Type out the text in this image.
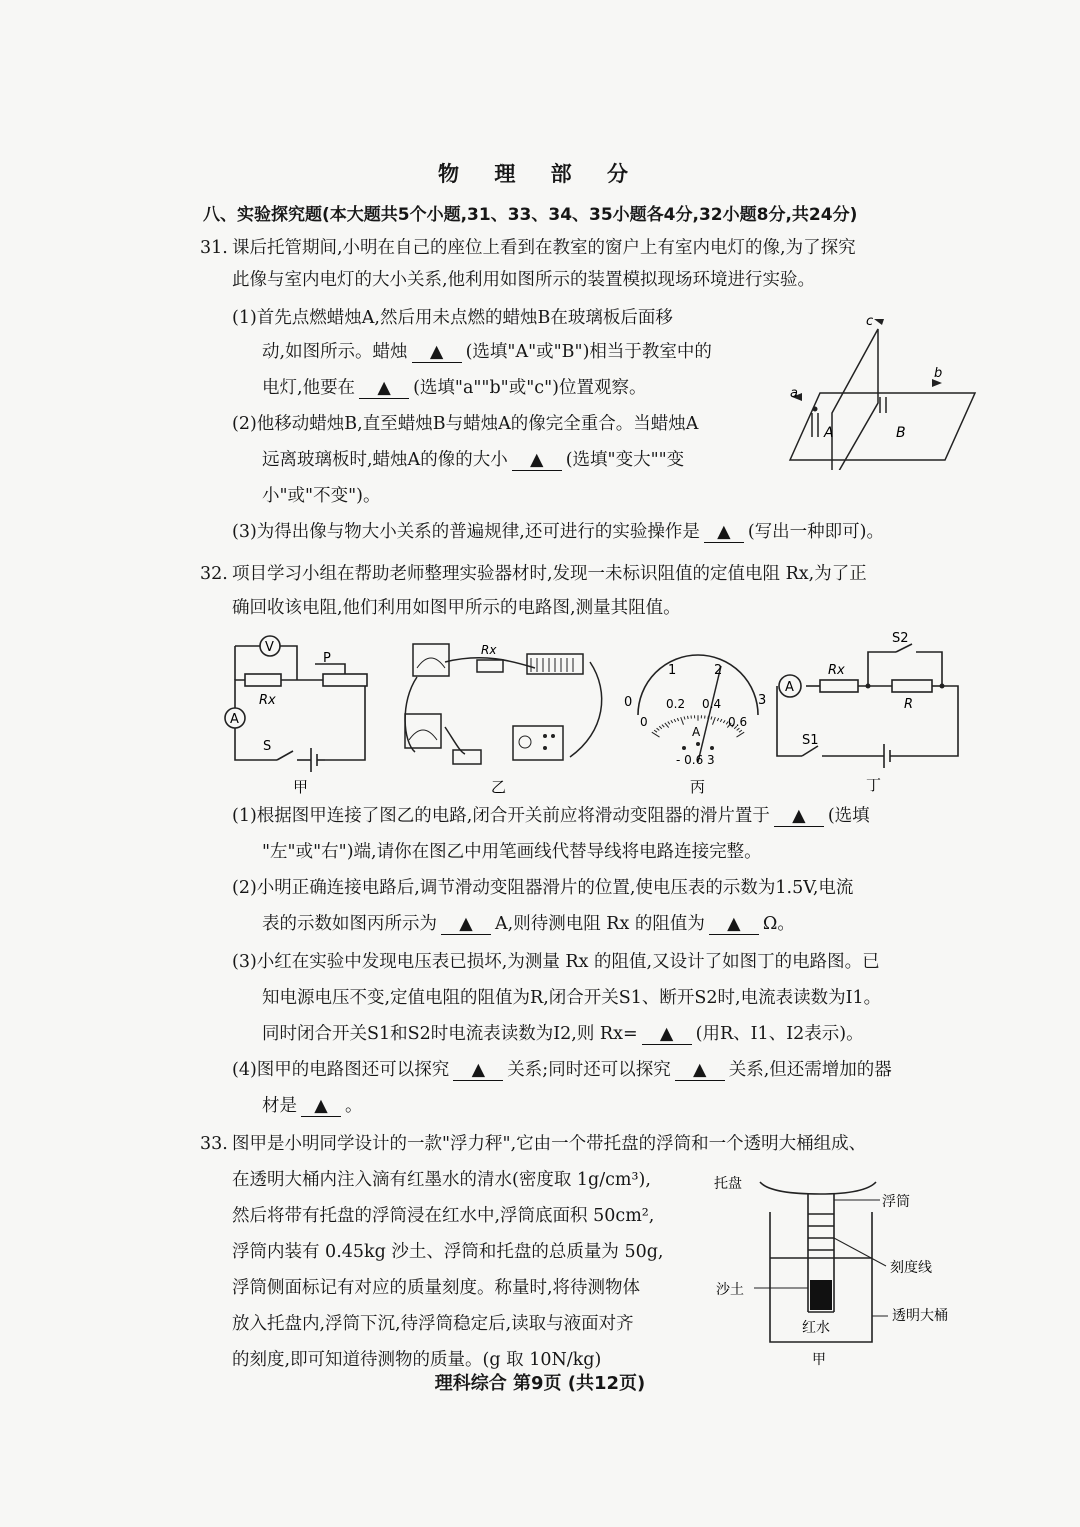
物 理 部 分
八、实验探究题(本大题共5个小题,31、33、34、35小题各4分,32小题8分,共24分)
31. 课后托管期间,小明在自己的座位上看到在教室的窗户上有室内电灯的像,为了探究
此像与室内电灯的大小关系,他利用如图所示的装置模拟现场环境进行实验。
(1)首先点燃蜡烛A,然后用未点燃的蜡烛B在玻璃板后面移
动,如图所示。蜡烛 ▲ (选填"A"或"B")相当于教室中的
电灯,他要在 ▲ (选填"a""b"或"c")位置观察。
(2)他移动蜡烛B,直至蜡烛B与蜡烛A的像完全重合。当蜡烛A
远离玻璃板时,蜡烛A的像的大小 ▲ (选填"变大""变
小"或"不变")。
(3)为得出像与物大小关系的普遍规律,还可进行的实验操作是 ▲ (写出一种即可)。
a
b
c
A	B
32. 项目学习小组在帮助老师整理实验器材时,发现一未标识阻值的定值电阻 Rx,为了正
确回收该电阻,他们利用如图甲所示的电路图,测量其阻值。
V
A
P
Rx
S
甲
Rx
乙
0
1	2
3
0
0.2 0.4
0.6
A
- 0.6 3
丙
A
Rx
R
S1
S2
丁
(1)根据图甲连接了图乙的电路,闭合开关前应将滑动变阻器的滑片置于 ▲ (选填
"左"或"右")端,请你在图乙中用笔画线代替导线将电路连接完整。
(2)小明正确连接电路后,调节滑动变阻器滑片的位置,使电压表的示数为1.5V,电流
表的示数如图丙所示为 ▲ A,则待测电阻 Rx 的阻值为 ▲ Ω。
(3)小红在实验中发现电压表已损坏,为测量 Rx 的阻值,又设计了如图丁的电路图。已
知电源电压不变,定值电阻的阻值为R,闭合开关S1、断开S2时,电流表读数为I1。
同时闭合开关S1和S2时电流表读数为I2,则 Rx= ▲ (用R、I1、I2表示)。
(4)图甲的电路图还可以探究 ▲ 关系;同时还可以探究 ▲ 关系,但还需增加的器
材是 ▲ 。
33. 图甲是小明同学设计的一款"浮力秤",它由一个带托盘的浮筒和一个透明大桶组成、
在透明大桶内注入滴有红墨水的清水(密度取 1g/cm³),
然后将带有托盘的浮筒浸在红水中,浮筒底面积 50cm²,
浮筒内装有 0.45kg 沙土、浮筒和托盘的总质量为 50g,
浮筒侧面标记有对应的质量刻度。称量时,将待测物体
放入托盘内,浮筒下沉,待浮筒稳定后,读取与液面对齐
的刻度,即可知道待测物的质量。(g 取 10N/kg)
托盘
浮筒
刻度线
沙土
透明大桶
红水
甲
理科综合 第9页 (共12页)
